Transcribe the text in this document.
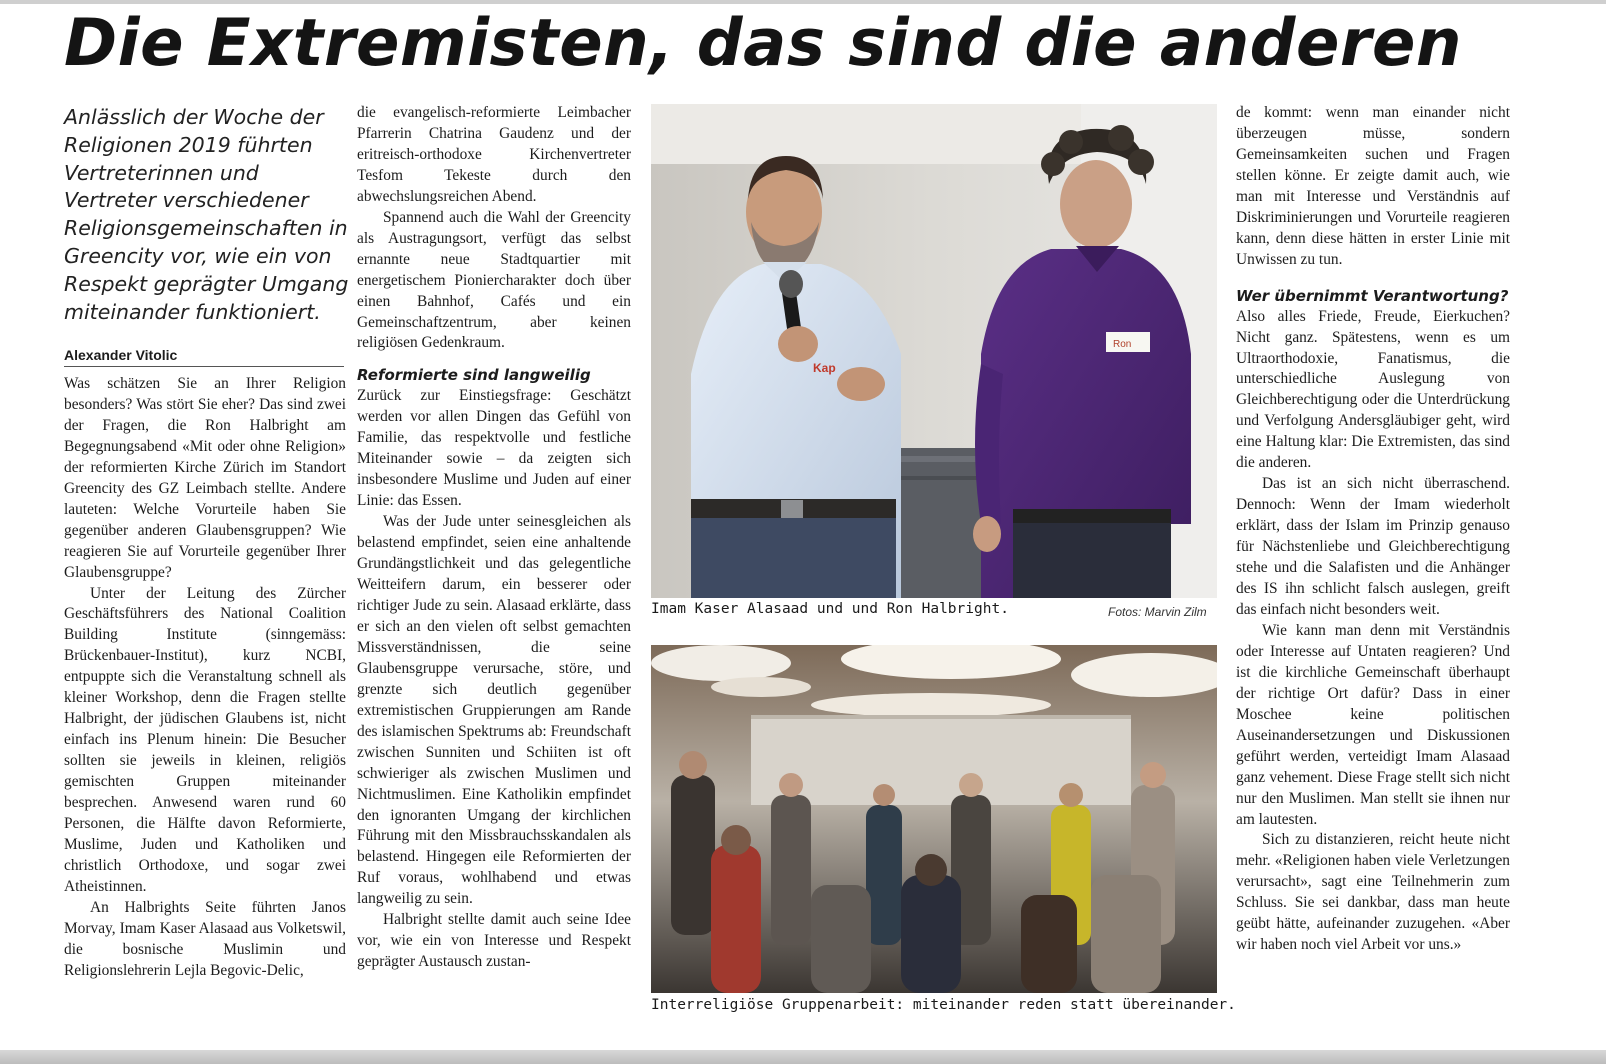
Die Extremisten, das sind die anderen

Anlässlich der Woche der Religionen 2019 führten Vertreterinnen und Vertreter verschiedener Religionsgemeinschaften in Greencity vor, wie ein von Respekt geprägter Umgang miteinander funktioniert.

Alexander Vitolic

Was schätzen Sie an Ihrer Religion besonders? Was stört Sie eher? Das sind zwei der Fragen, die Ron Halbright am Begegnungsabend «Mit oder ohne Religion» der reformierten Kirche Zürich im Standort Greencity des GZ Leimbach stellte. Andere lauteten: Welche Vorurteile haben Sie gegenüber anderen Glaubensgruppen? Wie reagieren Sie auf Vorurteile gegenüber Ihrer Glaubensgruppe?

Unter der Leitung des Zürcher Geschäftsführers des National Coalition Building Institute (sinngemäss: Brückenbauer-Institut), kurz NCBI, entpuppte sich die Veranstaltung schnell als kleiner Workshop, denn die Fragen stellte Halbright, der jüdischen Glaubens ist, nicht einfach ins Plenum hinein: Die Besucher sollten sie jeweils in kleinen, religiös gemischten Gruppen miteinander besprechen. Anwesend waren rund 60 Personen, die Hälfte davon Reformierte, Muslime, Juden und Katholiken und christlich Orthodoxe, und sogar zwei Atheistinnen.

An Halbrights Seite führten Janos Morvay, Imam Kaser Alasaad aus Volketswil, die bosnische Muslimin und Religionslehrerin Lejla Begovic-Delic,

die evangelisch-reformierte Leimbacher Pfarrerin Chatrina Gaudenz und der eritreisch-orthodoxe Kirchenvertreter Tesfom Tekeste durch den abwechslungsreichen Abend.

Spannend auch die Wahl der Greencity als Austragungsort, verfügt das selbst ernannte neue Stadtquartier mit energetischem Pioniercharakter doch über einen Bahnhof, Cafés und ein Gemeinschaftzentrum, aber keinen religiösen Gedenkraum.

Reformierte sind langweilig

Zurück zur Einstiegsfrage: Geschätzt werden vor allen Dingen das Gefühl von Familie, das respektvolle und festliche Miteinander sowie – da zeigten sich insbesondere Muslime und Juden auf einer Linie: das Essen.

Was der Jude unter seinesgleichen als belastend empfindet, seien eine anhaltende Grundängstlichkeit und das gelegentliche Weitteifern darum, ein besserer oder richtiger Jude zu sein. Alasaad erklärte, dass er sich an den vielen oft selbst gemachten Missverständnissen, die seine Glaubensgruppe verursache, störe, und grenzte sich deutlich gegenüber extremistischen Gruppierungen am Rande des islamischen Spektrums ab: Freundschaft zwischen Sunniten und Schiiten ist oft schwieriger als zwischen Muslimen und Nichtmuslimen. Eine Katholikin empfindet den ignoranten Umgang der kirchlichen Führung mit den Missbrauchsskandalen als belastend. Hingegen eile Reformierten der Ruf voraus, wohlhabend und etwas langweilig zu sein.

Halbright stellte damit auch seine Idee vor, wie ein von Interesse und Respekt geprägter Austausch zustan-

Kap
Ron
Imam Kaser Alasaad und und Ron Halbright.	Fotos: Marvin Zilm
Interreligiöse Gruppenarbeit: miteinander reden statt übereinander.

de kommt: wenn man einander nicht überzeugen müsse, sondern Gemeinsamkeiten suchen und Fragen stellen könne. Er zeigte damit auch, wie man mit Interesse und Verständnis auf Diskriminierungen und Vorurteile reagieren kann, denn diese hätten in erster Linie mit Unwissen zu tun.

Wer übernimmt Verantwortung?

Also alles Friede, Freude, Eierkuchen? Nicht ganz. Spätestens, wenn es um Ultraorthodoxie, Fanatismus, die unterschiedliche Auslegung von Gleichberechtigung oder die Unterdrückung und Verfolgung Andersgläubiger geht, wird eine Haltung klar: Die Extremisten, das sind die anderen.

Das ist an sich nicht überraschend. Dennoch: Wenn der Imam wiederholt erklärt, dass der Islam im Prinzip genauso für Nächstenliebe und Gleichberechtigung stehe und die Salafisten und die Anhänger des IS ihn schlicht falsch auslegen, greift das einfach nicht besonders weit.

Wie kann man denn mit Verständnis oder Interesse auf Untaten reagieren? Und ist die kirchliche Gemeinschaft überhaupt der richtige Ort dafür? Dass in einer Moschee keine politischen Auseinandersetzungen und Diskussionen geführt werden, verteidigt Imam Alasaad ganz vehement. Diese Frage stellt sich nicht nur den Muslimen. Man stellt sie ihnen nur am lautesten.

Sich zu distanzieren, reicht heute nicht mehr. «Religionen haben viele Verletzungen verursacht», sagt eine Teilnehmerin zum Schluss. Sie sei dankbar, dass man heute geübt hätte, aufeinander zuzugehen. «Aber wir haben noch viel Arbeit vor uns.»
